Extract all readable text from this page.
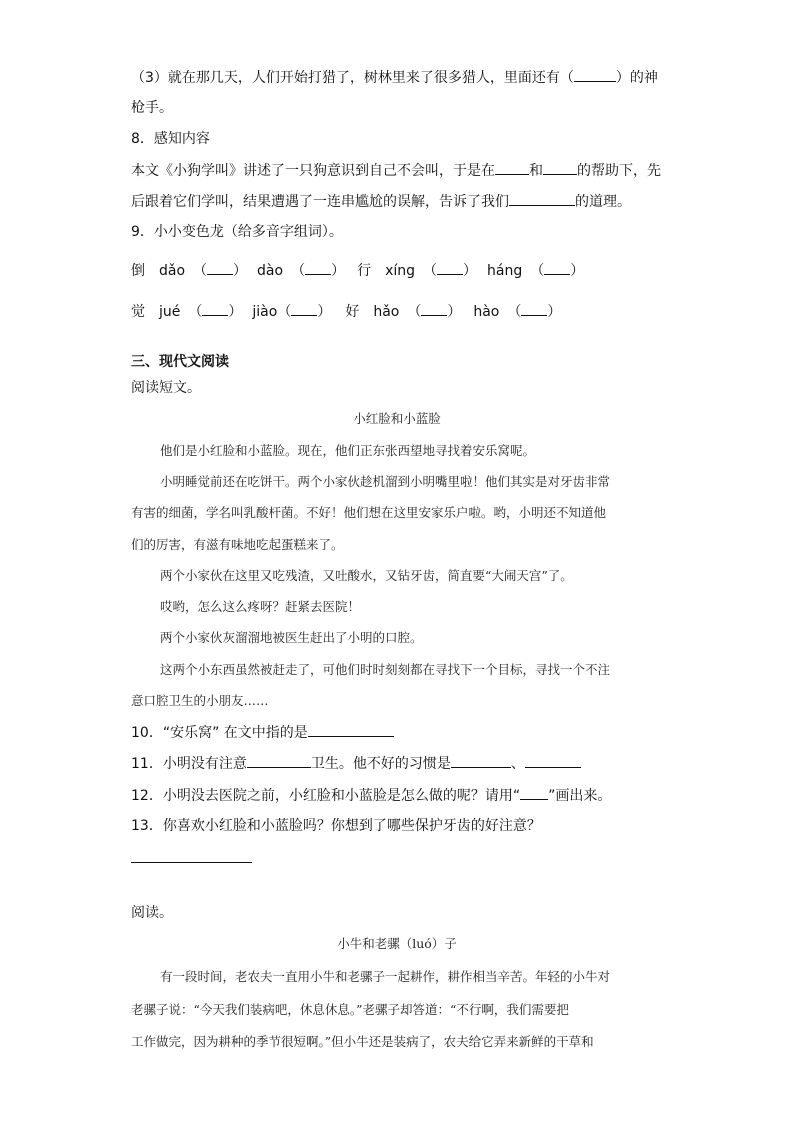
（3）就在那几天，人们开始打猎了，树林里来了很多猎人，里面还有（	）的神
枪手。
8．感知内容
本文《小狗学叫》讲述了一只狗意识到自己不会叫，于是在 和 的帮助下，先
后跟着它们学叫，结果遭遇了一连串尴尬的误解，告诉了我们	的道理。
9．小小变色龙（给多音字组词）。
倒 dǎo （ ） dào （ ） 行 xíng （ ） háng （ ）
觉 jué （ ） jiào（ ） 好 hǎo （ ） hào （ ）
三、现代文阅读
阅读短文。
小红脸和小蓝脸
他们是小红脸和小蓝脸。现在，他们正东张西望地寻找着安乐窝呢。
小明睡觉前还在吃饼干。两个小家伙趁机溜到小明嘴里啦！他们其实是对牙齿非常
有害的细菌，学名叫乳酸杆菌。不好！他们想在这里安家乐户啦。哟，小明还不知道他
们的厉害，有滋有味地吃起蛋糕来了。
两个小家伙在这里又吃残渣，又吐酸水，又钻牙齿，简直要“大闹天宫”了。
哎哟，怎么这么疼呀？赶紧去医院！
两个小家伙灰溜溜地被医生赶出了小明的口腔。
这两个小东西虽然被赶走了，可他们时时刻刻都在寻找下一个目标，寻找一个不注
意口腔卫生的小朋友……
10．“安乐窝” 在文中指的是
11．小明没有注意	卫生。他不好的习惯是	、
12．小明没去医院之前，小红脸和小蓝脸是怎么做的呢？请用“ ”画出来。
13．你喜欢小红脸和小蓝脸吗？你想到了哪些保护牙齿的好注意？
阅读。
小牛和老骡（luó）子
有一段时间，老农夫一直用小牛和老骡子一起耕作，耕作相当辛苦。年轻的小牛对
老骡子说：“今天我们装病吧，休息休息。”老骡子却答道：“不行啊，我们需要把
工作做完，因为耕种的季节很短啊。”但小牛还是装病了，农夫给它弄来新鲜的干草和
